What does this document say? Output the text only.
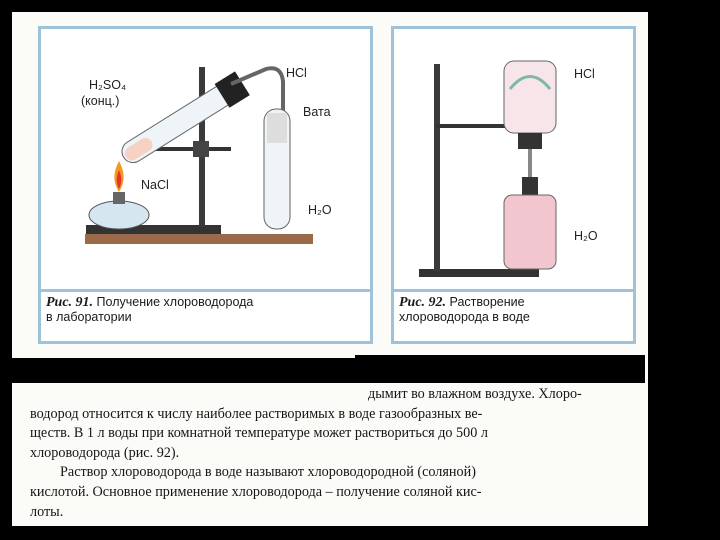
H₂SO₄
(конц.)
HCl
Вата
NaCl
H₂O
Рис. 91. Получение хлороводорода
в лаборатории
HCl
H₂O
Рис. 92. Растворение
хлороводорода в воде
дымит во влажном воздухе. Хлоро-
водород относится к числу наиболее растворимых в воде газообразных ве-
ществ. В 1 л воды при комнатной температуре может раствориться до 500 л
хлороводорода (рис. 92).
Раствор хлороводорода в воде называют хлороводородной (соляной)
кислотой. Основное применение хлороводорода – получение соляной кис-
лоты.
